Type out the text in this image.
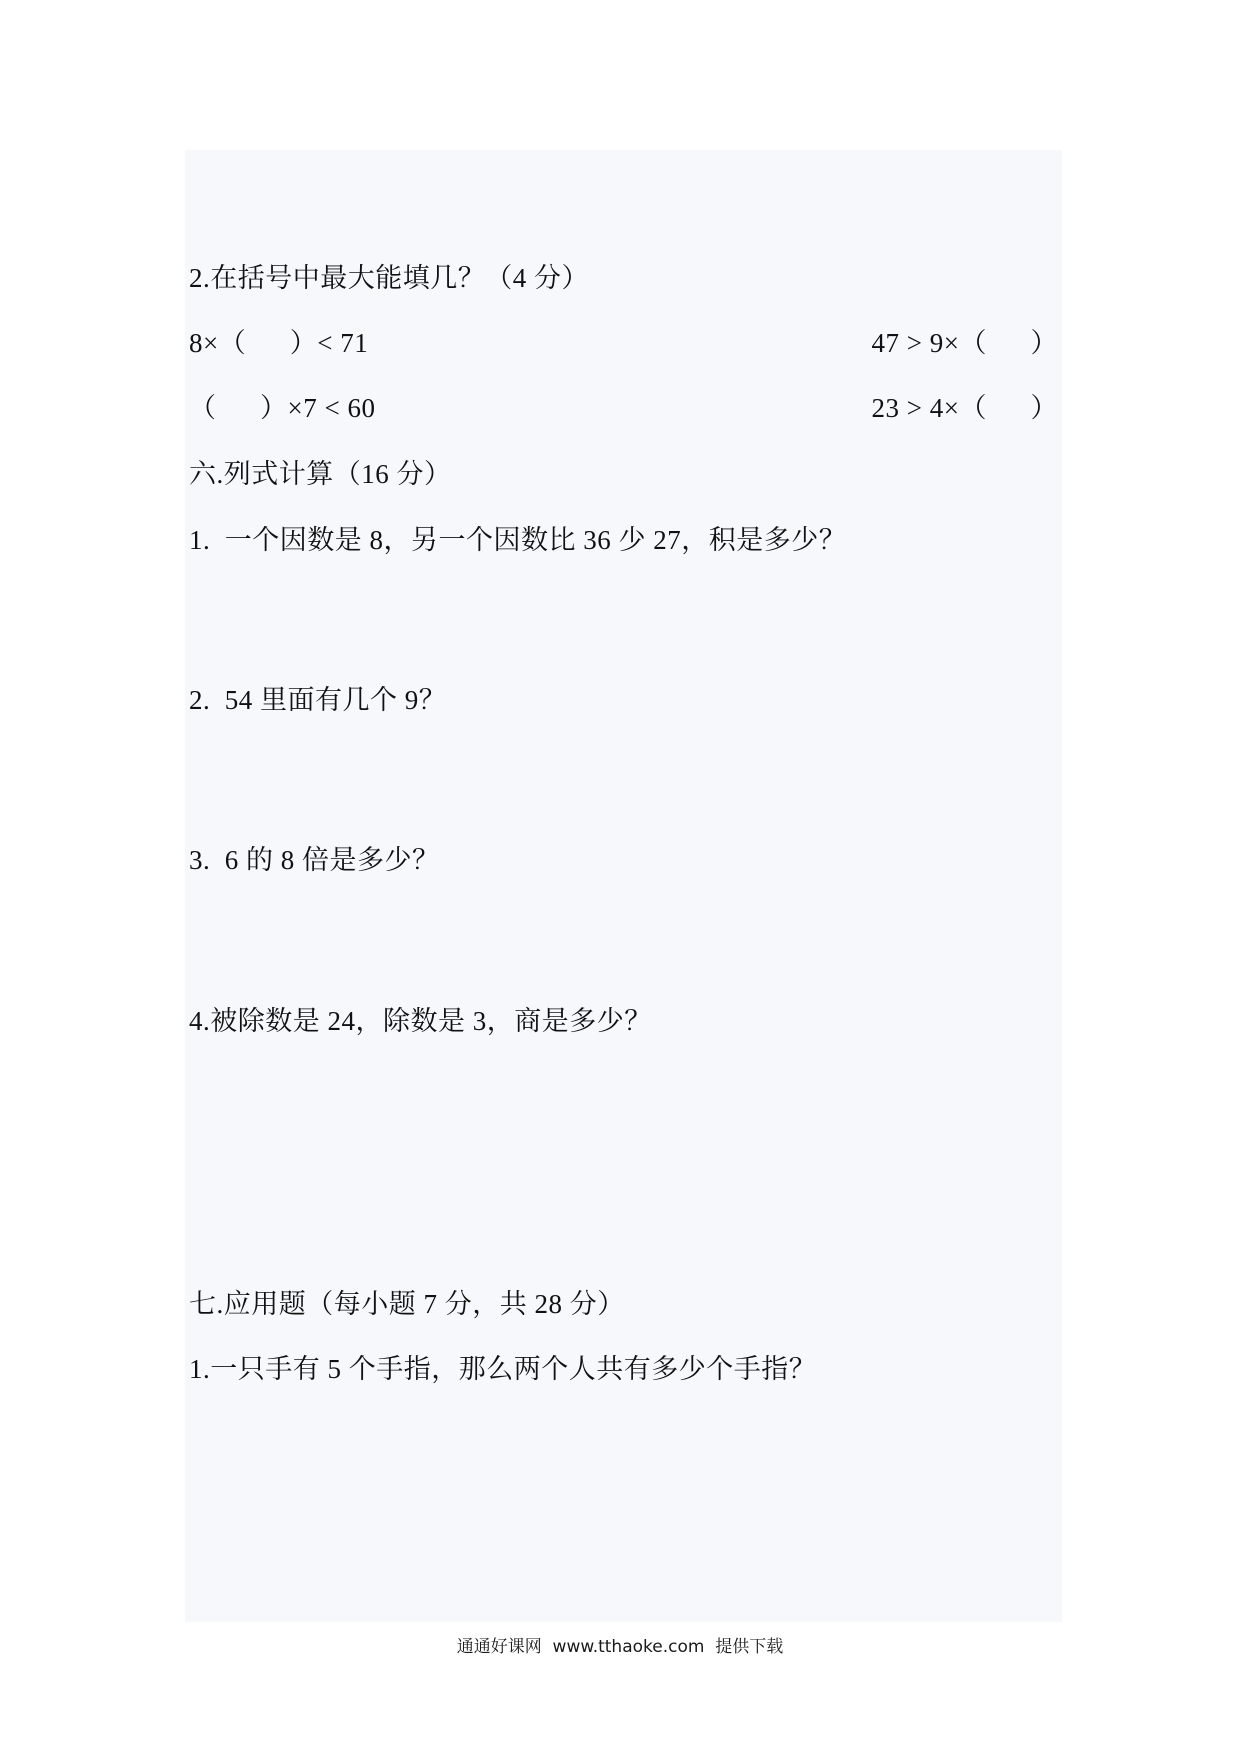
2.在括号中最大能填几？（4 分）
8×（      ）< 71	47 > 9×（      ）
（      ）×7 < 60	23 > 4×（      ）
六.列式计算（16 分）
1.  一个因数是 8，另一个因数比 36 少 27，积是多少？
2.  54 里面有几个 9？
3.  6 的 8 倍是多少？
4.被除数是 24，除数是 3，商是多少？
七.应用题（每小题 7 分，共 28 分）
1.一只手有 5 个手指，那么两个人共有多少个手指？
通通好课网  www.tthaoke.com  提供下载
